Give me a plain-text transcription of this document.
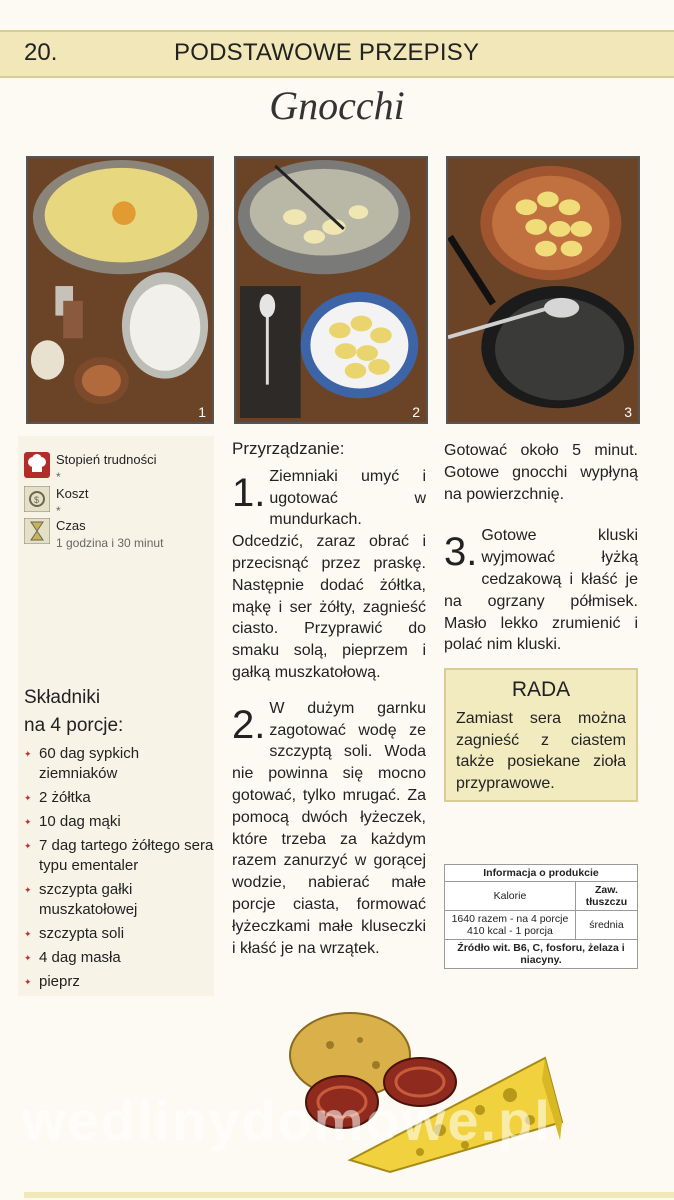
20.	PODSTAWOWE PRZEPISY
Gnocchi
1	2	3
Stopień trudności
*
$ Koszt
*
Czas
1 godzina i 30 minut
Składniki
na 4 porcje:
✦ 60 dag sypkich ziemniaków
✦ 2 żółtka
✦ 10 dag mąki
✦ 7 dag tartego żółtego sera typu ementaler
✦ szczypta gałki muszkatołowej
✦ szczypta soli
✦ 4 dag masła
✦ pieprz
Przyrządzanie:
1. Ziemniaki umyć i ugotować w mundurkach. Odcedzić, zaraz obrać i przecisnąć przez praskę. Następnie dodać żółtka, mąkę i ser żółty, zagnieść ciasto. Przyprawić do smaku solą, pieprzem i gałką muszkatołową.
2. W dużym garnku zagotować wodę ze szczyptą soli. Woda nie powinna się mocno gotować, tylko mrugać. Za pomocą dwóch łyżeczek, które trzeba za każdym razem zanurzyć w gorącej wodzie, nabierać małe porcje ciasta, formować łyżeczkami małe kluseczki i kłaść je na wrzątek.
Gotować około 5 minut. Gotowe gnocchi wypłyną na powierzchnię.
3. Gotowe kluski wyjmować łyżką cedzakową i kłaść je na ogrzany półmisek. Masło lekko zrumienić i polać nim kluski.
RADA
Zamiast sera można zagnieść z ciastem także posiekane zioła przyprawowe.
Informacja o produkcie	
Kalorie	Zaw. tłuszczu
1640 razem - na 4 porcje 410 kcal - 1 porcja	średnia
Źródło wit. B6, C, fosforu, żelaza i niacyny.	
wedlinydomowe.pl
